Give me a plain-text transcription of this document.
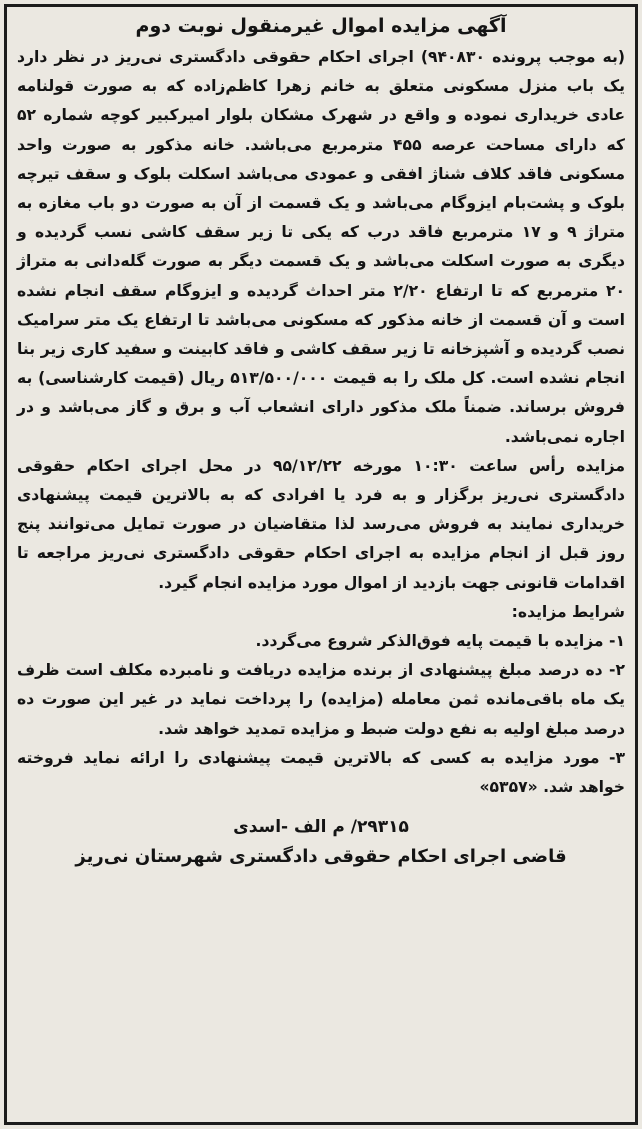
آگهی مزایده اموال غیرمنقول نوبت دوم

(به موجب پرونده ۹۴۰۸۳۰) اجرای احکام حقوقی دادگستری نی‌ریز در نظر دارد یک باب منزل مسکونی متعلق به خانم زهرا کاظم‌زاده که به صورت قولنامه عادی خریداری نموده و واقع در شهرک مشکان بلوار امیرکبیر کوچه شماره ۵۲ که دارای مساحت عرصه ۴۵۵ مترمربع می‌باشد. خانه مذکور به صورت واحد مسکونی فاقد کلاف شناژ افقی و عمودی می‌باشد اسکلت بلوک و سقف تیرچه بلوک و پشت‌بام ایزوگام می‌باشد و یک قسمت از آن به صورت دو باب مغازه به متراژ ۹ و ۱۷ مترمربع فاقد درب که یکی تا زیر سقف کاشی نسب گردیده و دیگری به صورت اسکلت می‌باشد و یک قسمت دیگر به صورت گله‌دانی به متراژ ۲۰ مترمربع که تا ارتفاع ۲/۲۰ متر احداث گردیده و ایزوگام سقف انجام نشده است و آن قسمت از خانه مذکور که مسکونی می‌باشد تا ارتفاع یک متر سرامیک نصب گردیده و آشپزخانه تا زیر سقف کاشی و فاقد کابینت و سفید کاری زیر بنا انجام نشده است. کل ملک را به قیمت ۵۱۳/۵۰۰/۰۰۰ ریال (قیمت کارشناسی) به فروش برساند. ضمناً ملک مذکور دارای انشعاب آب و برق و گاز می‌باشد و در اجاره نمی‌باشد.

مزایده رأس ساعت ۱۰:۳۰ مورخه ۹۵/۱۲/۲۲ در محل اجرای احکام حقوقی دادگستری نی‌ریز برگزار و به فرد یا افرادی که به بالاترین قیمت پیشنهادی خریداری نمایند به فروش می‌رسد لذا متقاضیان در صورت تمایل می‌توانند پنج روز قبل از انجام مزایده به اجرای احکام حقوقی دادگستری نی‌ریز مراجعه تا اقدامات قانونی جهت بازدید از اموال مورد مزایده انجام گیرد.

شرایط مزایده:

۱- مزایده با قیمت پایه فوق‌الذکر شروع می‌گردد.
۲- ده درصد مبلغ پیشنهادی از برنده مزایده دریافت و نامبرده مکلف است ظرف یک ماه باقی‌مانده ثمن معامله (مزایده) را پرداخت نماید در غیر این صورت ده درصد مبلغ اولیه به نفع دولت ضبط و مزایده تمدید خواهد شد.
۳- مورد مزایده به کسی که بالاترین قیمت پیشنهادی را ارائه نماید فروخته خواهد شد. «۵۳۵۷»
۲۹۳۱۵/ م الف -اسدی
قاضی اجرای احکام حقوقی دادگستری شهرستان نی‌ریز
